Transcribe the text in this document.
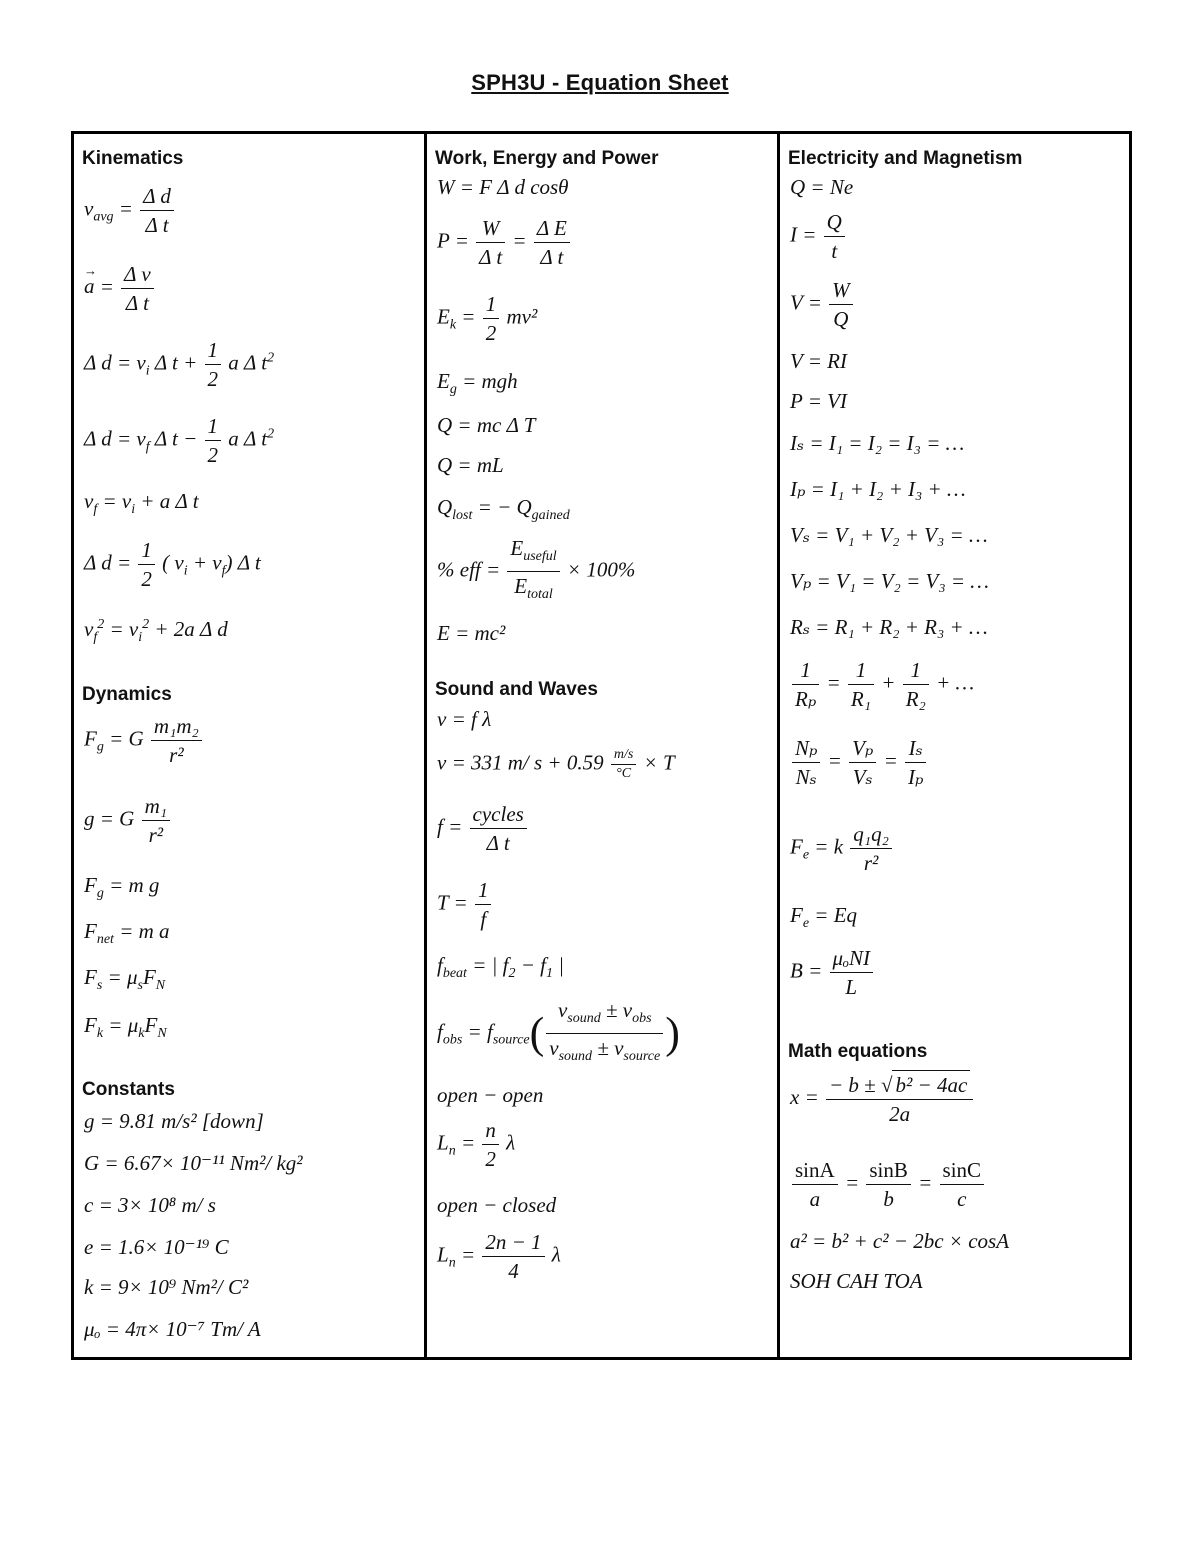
SPH3U - Equation Sheet
Kinematics
$v_{avg} = \frac{\text{Δ d}}{\text{Δ t}}$
→ $a = \frac{\text{Δ v}}{\text{Δ t}}$
Δ $d = v_i$ Δ $t + \frac{1}{2}$ a Δ $t^2$
Δ $d = v_f$ Δ $t - \frac{1}{2}$ a Δ $t^2$
$v_f = v_i + a$ Δ t
Δ $d = \frac{1}{2}$ ( $v_i + v_f$) Δ t
$v_f^2 = v_i^2 + 2a$ Δ d
Dynamics
$F_g = G \frac{\text{m₁m₂}}{\text{r²}}$
g = G $\frac{\text{m₁}}{\text{r²}}$
$F_g = m$ g
$F_{net} = m$ a
$F_s = \mu_sF_N$
$F_k = \mu_kF_N$
Constants
g = 9.81 m/s² [down]
G = 6.67× 10⁻¹¹ Nm²/ kg²
c = 3× 10⁸ m/ s
e = 1.6× 10⁻¹⁹ C
k = 9× 10⁹ Nm²/ C²
μₒ = 4π× 10⁻⁷ Tm/ A
Work, Energy and Power
W = F Δ d cosθ
$P = \frac{W}{\text{Δ t}} = \frac{\text{Δ E}}{\text{Δ t}}$
$E_k = \frac{1}{2} mv^2$
$E_g$ = mgh
Q = mc Δ T
Q = mL
$Q_{lost}$ = − $Q_{gained}$
% eff = $\frac{E_{useful}}{E_{total}} \times 100\%$
E = mc²
Sound and Waves
v = f λ
v = 331 m/ $s + 0.59 \frac{m/s}{^\circ C} \times T$
$f = \frac{\text{cycles}}{\text{Δ t}}$
$T = \frac{1}{f}$
$f_{beat}$ = | $f_2 - f_1$ |
$f_{obs} = f_{source}( \frac{v_{sound} \pm v_{obs}}{v_{sound} \pm v_{source}}$ )
open − open
$L_n = \frac{n}{2}$ λ
open − closed
$L_n = \frac{2n - 1}{4}$ λ
Electricity and Magnetism
Q = Ne
$I = \frac{Q}{t}$
$V = \frac{W}{Q}$
V = RI
P = VI
Iₛ = I₁ = I₂ = I₃ = …
Iₚ = I₁ + I₂ + I₃ + …
Vₛ = V₁ + V₂ + V₃ = …
Vₚ = V₁ = V₂ = V₃ = …
Rₛ = R₁ + R₂ + R₃ + …
$\frac{1}{\text{Rₚ}} = \frac{1}{\text{R₁}} + \frac{1}{\text{R₂}}$ + …
$\frac{\text{Nₚ}}{\text{Nₛ}} = \frac{\text{Vₚ}}{\text{Vₛ}} = \frac{\text{Iₛ}}{\text{Iₚ}}$
$F_e = k \frac{\text{q₁q₂}}{\text{r²}}$
$F_e = Eq$
$B = \frac{\text{μₒNI}}{L}$
Math equations
$x = \frac{\text{− b ± √ b² − 4ac}}{2a}$
$\frac{\sin A}{a} = \frac{\sin B}{b} = \frac{\sin C}{c}$
a² = b² + c² − 2bc × cosA
SOH CAH TOA
